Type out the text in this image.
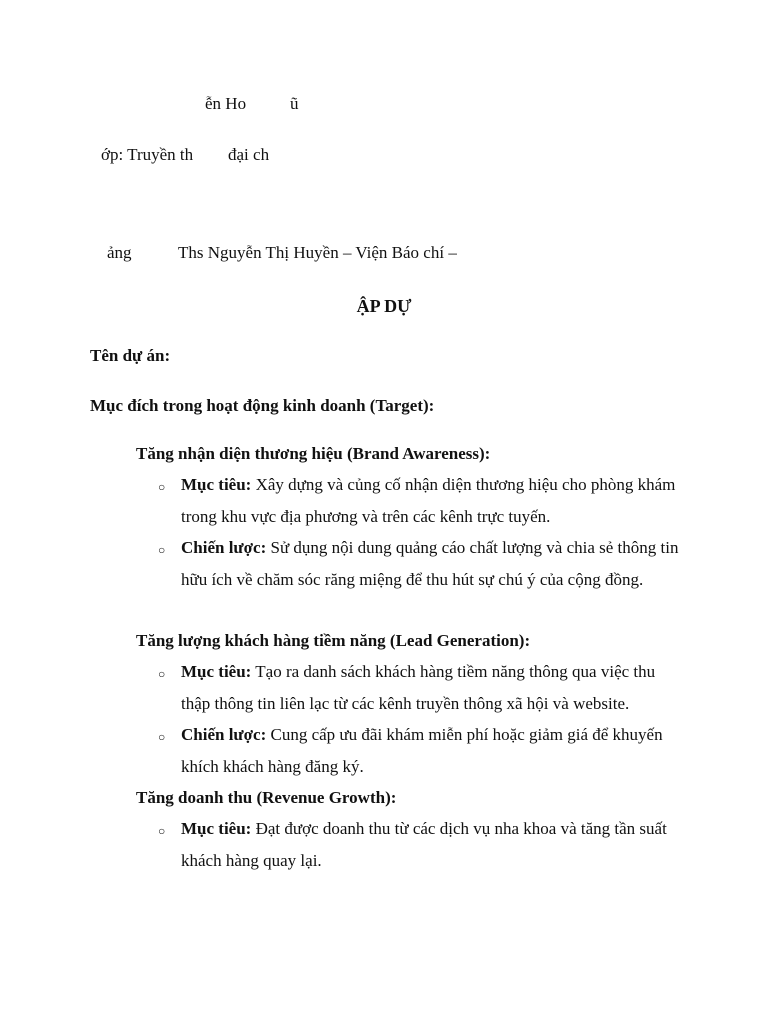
ễn Ho	ũ
ớp: Truyền th đại ch
ảng	Ths Nguyễn Thị Huyền – Viện Báo chí –
ẬP DỰ
Tên dự án:
Mục đích trong hoạt động kinh doanh (Target):
Tăng nhận diện thương hiệu (Brand Awareness):
○ Mục tiêu: Xây dựng và củng cố nhận diện thương hiệu cho phòng khám trong khu vực địa phương và trên các kênh trực tuyến.
○ Chiến lược: Sử dụng nội dung quảng cáo chất lượng và chia sẻ thông tin hữu ích về chăm sóc răng miệng để thu hút sự chú ý của cộng đồng.
Tăng lượng khách hàng tiềm năng (Lead Generation):
○ Mục tiêu: Tạo ra danh sách khách hàng tiềm năng thông qua việc thu thập thông tin liên lạc từ các kênh truyền thông xã hội và website.
○ Chiến lược: Cung cấp ưu đãi khám miễn phí hoặc giảm giá để khuyến khích khách hàng đăng ký.
Tăng doanh thu (Revenue Growth):
○ Mục tiêu: Đạt được doanh thu từ các dịch vụ nha khoa và tăng tần suất khách hàng quay lại.
